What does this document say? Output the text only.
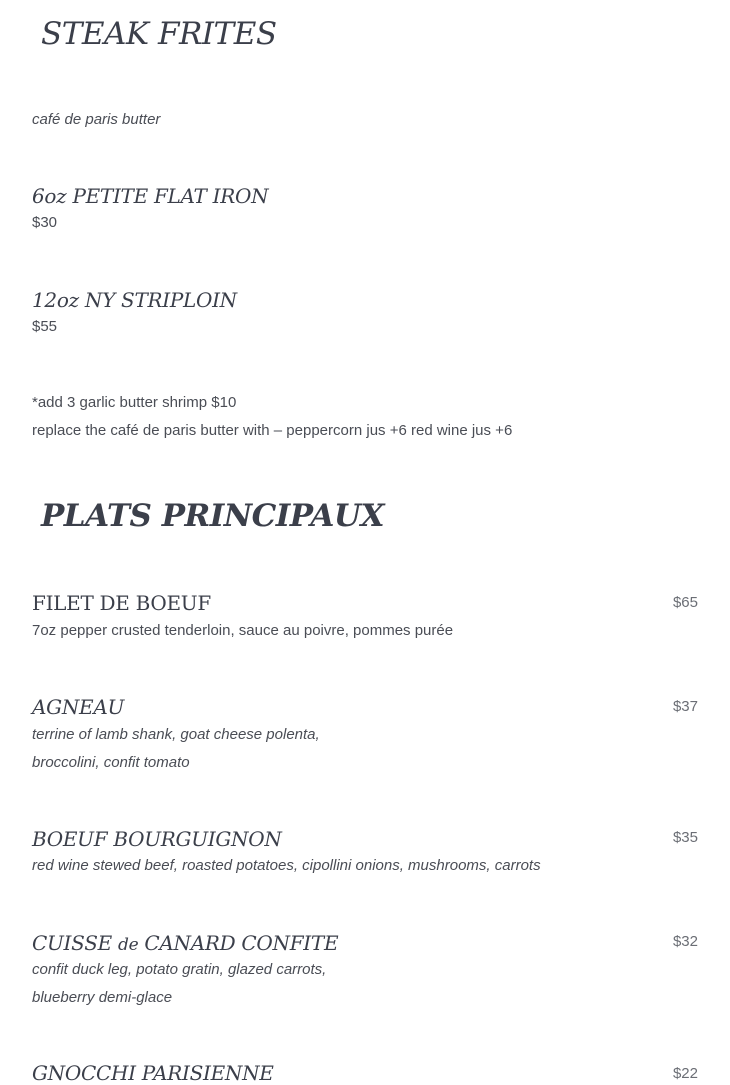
STEAK FRITES
café de paris butter
6oz PETITE FLAT IRON
$30
12oz NY STRIPLOIN
$55
*add 3 garlic butter shrimp $10
replace the café de paris butter with – peppercorn jus +6 red wine jus +6
PLATS PRINCIPAUX
FILET DE BOEUF	$65
7oz pepper crusted tenderloin, sauce au poivre, pommes purée
AGNEAU	$37
terrine of lamb shank, goat cheese polenta,
broccolini, confit tomato
BOEUF BOURGUIGNON	$35
red wine stewed beef, roasted potatoes, cipollini onions, mushrooms, carrots
CUISSE de CANARD CONFITE	$32
confit duck leg, potato gratin, glazed carrots,
blueberry demi-glace
GNOCCHI PARISIENNE	$22
